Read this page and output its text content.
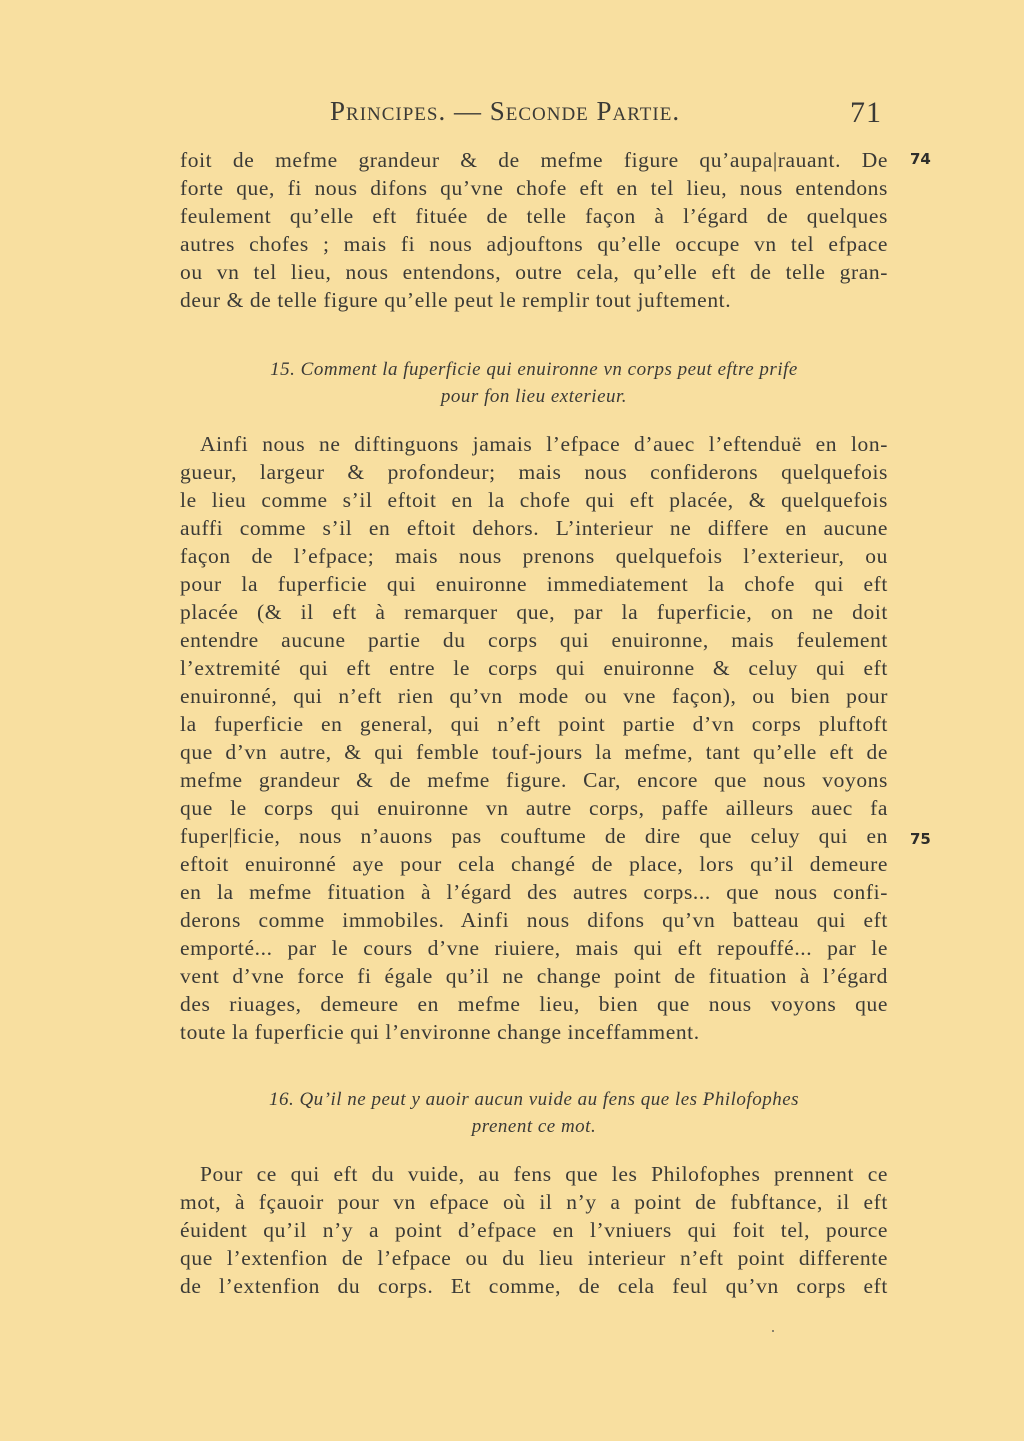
Principes. — Seconde Partie.	71
74
75
foit de mefme grandeur & de mefme figure qu’aupa|rauant. De
forte que, fi nous difons qu’vne chofe eft en tel lieu, nous entendons
feulement qu’elle eft fituée de telle façon à l’égard de quelques
autres chofes ; mais fi nous adjouftons qu’elle occupe vn tel efpace
ou vn tel lieu, nous entendons, outre cela, qu’elle eft de telle gran-
deur & de telle figure qu’elle peut le remplir tout juftement.
15. Comment la fuperficie qui enuironne vn corps peut eftre prife
pour fon lieu exterieur.
Ainfi nous ne diftinguons jamais l’efpace d’auec l’eftenduë en lon-
gueur, largeur & profondeur; mais nous confiderons quelquefois
le lieu comme s’il eftoit en la chofe qui eft placée, & quelquefois
auffi comme s’il en eftoit dehors. L’interieur ne differe en aucune
façon de l’efpace; mais nous prenons quelquefois l’exterieur, ou
pour la fuperficie qui enuironne immediatement la chofe qui eft
placée (& il eft à remarquer que, par la fuperficie, on ne doit
entendre aucune partie du corps qui enuironne, mais feulement
l’extremité qui eft entre le corps qui enuironne & celuy qui eft
enuironné, qui n’eft rien qu’vn mode ou vne façon), ou bien pour
la fuperficie en general, qui n’eft point partie d’vn corps pluftoft
que d’vn autre, & qui femble touf-jours la mefme, tant qu’elle eft de
mefme grandeur & de mefme figure. Car, encore que nous voyons
que le corps qui enuironne vn autre corps, paffe ailleurs auec fa
fuper|ficie, nous n’auons pas couftume de dire que celuy qui en
eftoit enuironné aye pour cela changé de place, lors qu’il demeure
en la mefme fituation à l’égard des autres corps... que nous confi-
derons comme immobiles. Ainfi nous difons qu’vn batteau qui eft
emporté... par le cours d’vne riuiere, mais qui eft repouffé... par le
vent d’vne force fi égale qu’il ne change point de fituation à l’égard
des riuages, demeure en mefme lieu, bien que nous voyons que
toute la fuperficie qui l’environne change inceffamment.
16. Qu’il ne peut y auoir aucun vuide au fens que les Philofophes
prenent ce mot.
Pour ce qui eft du vuide, au fens que les Philofophes prennent ce
mot, à fçauoir pour vn efpace où il n’y a point de fubftance, il eft
éuident qu’il n’y a point d’efpace en l’vniuers qui foit tel, pource
que l’extenfion de l’efpace ou du lieu interieur n’eft point differente
de l’extenfion du corps. Et comme, de cela feul qu’vn corps eft
